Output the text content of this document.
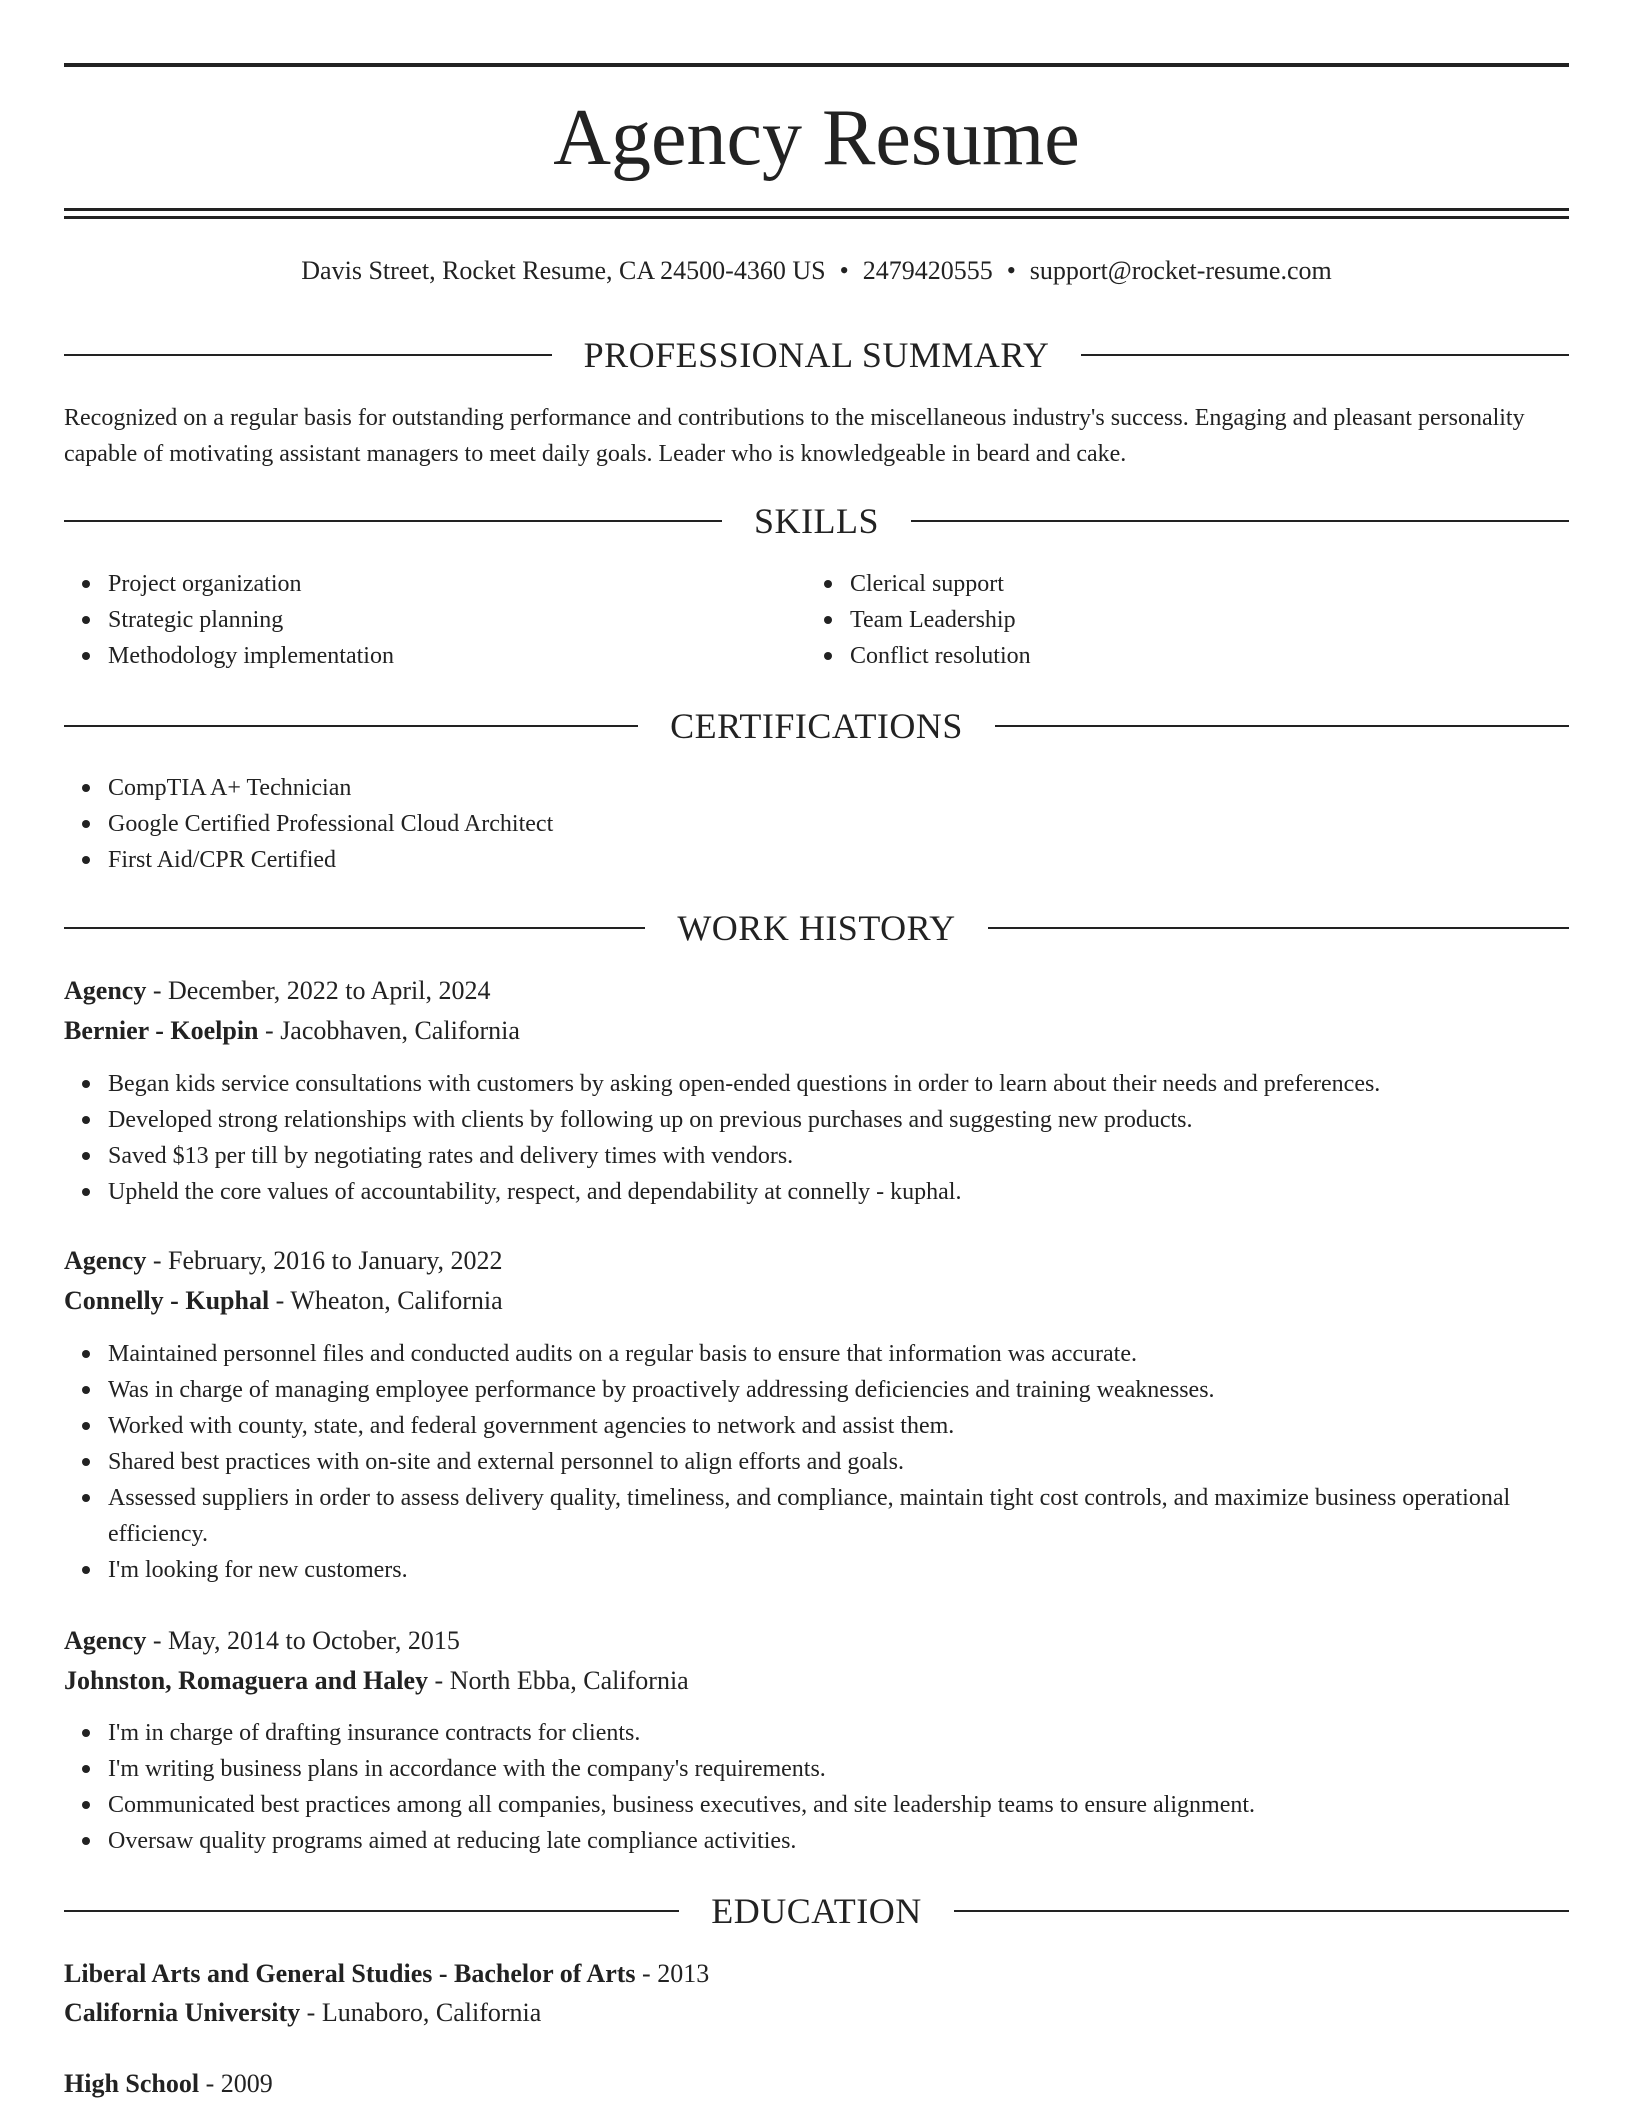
Agency Resume
Davis Street, Rocket Resume, CA 24500-4360 US • 2479420555 • support@rocket-resume.com
PROFESSIONAL SUMMARY

Recognized on a regular basis for outstanding performance and contributions to the miscellaneous industry's success. Engaging and pleasant personality capable of motivating assistant managers to meet daily goals. Leader who is knowledgeable in beard and cake.

SKILLS
Project organization
Strategic planning
Methodology implementation
Clerical support
Team Leadership
Conflict resolution
CERTIFICATIONS
CompTIA A+ Technician
Google Certified Professional Cloud Architect
First Aid/CPR Certified
WORK HISTORY
Agency - December, 2022 to April, 2024
Bernier - Koelpin - Jacobhaven, California
Began kids service consultations with customers by asking open-ended questions in order to learn about their needs and preferences.
Developed strong relationships with clients by following up on previous purchases and suggesting new products.
Saved $13 per till by negotiating rates and delivery times with vendors.
Upheld the core values of accountability, respect, and dependability at connelly - kuphal.
Agency - February, 2016 to January, 2022
Connelly - Kuphal - Wheaton, California
Maintained personnel files and conducted audits on a regular basis to ensure that information was accurate.
Was in charge of managing employee performance by proactively addressing deficiencies and training weaknesses.
Worked with county, state, and federal government agencies to network and assist them.
Shared best practices with on-site and external personnel to align efforts and goals.
Assessed suppliers in order to assess delivery quality, timeliness, and compliance, maintain tight cost controls, and maximize business operational efficiency.
I'm looking for new customers.
Agency - May, 2014 to October, 2015
Johnston, Romaguera and Haley - North Ebba, California
I'm in charge of drafting insurance contracts for clients.
I'm writing business plans in accordance with the company's requirements.
Communicated best practices among all companies, business executives, and site leadership teams to ensure alignment.
Oversaw quality programs aimed at reducing late compliance activities.
EDUCATION
Liberal Arts and General Studies - Bachelor of Arts - 2013
California University - Lunaboro, California
High School - 2009
